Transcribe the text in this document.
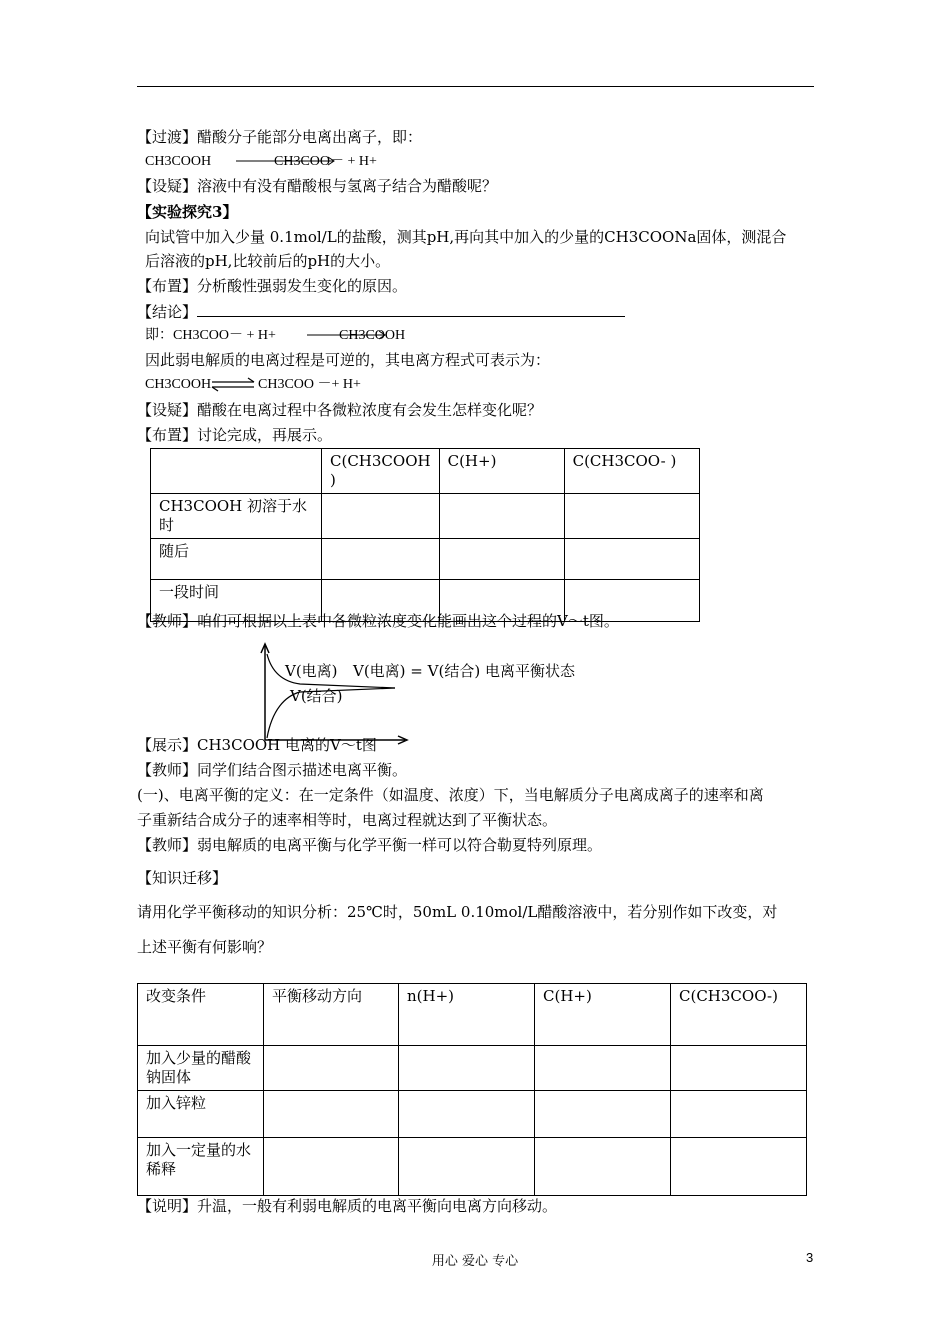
【过渡】醋酸分子能部分电离出离子，即：
CH3COOH	CH3COO－ + H+
【设疑】溶液中有没有醋酸根与氢离子结合为醋酸呢？
【实验探究3】
向试管中加入少量 0.1mol/L的盐酸，测其pH,再向其中加入的少量的CH3COONa固体，测混合
后溶液的pH,比较前后的pH的大小。
【布置】分析酸性强弱发生变化的原因。
【结论】
即：CH3COO－ + H+	CH3COOH
因此弱电解质的电离过程是可逆的，其电离方程式可表示为：
CH3COOH ⇌ CH3COO －+ H+
【设疑】醋酸在电离过程中各微粒浓度有会发生怎样变化呢？
【布置】讨论完成，再展示。
	C(CH3COOH )	C(H+)	C(CH3COO- )
CH3COOH 初溶于水时			
随后			
一段时间			
【教师】咱们可根据以上表中各微粒浓度变化能画出这个过程的V～t图。
V(电离) V(电离) = V(结合) 电离平衡状态
V(结合)
【展示】CH3COOH 电离的V～t图
【教师】同学们结合图示描述电离平衡。
(一)、电离平衡的定义：在一定条件（如温度、浓度）下，当电解质分子电离成离子的速率和离
子重新结合成分子的速率相等时，电离过程就达到了平衡状态。
【教师】弱电解质的电离平衡与化学平衡一样可以符合勒夏特列原理。
【知识迁移】
请用化学平衡移动的知识分析：25℃时，50mL 0.10mol/L醋酸溶液中，若分别作如下改变，对
上述平衡有何影响？
改变条件	平衡移动方向	n(H+)	C(H+)	C(CH3COO-)
加入少量的醋酸钠固体				
加入锌粒				
加入一定量的水稀释				
【说明】升温，一般有利弱电解质的电离平衡向电离方向移动。
用心 爱心 专心	3
